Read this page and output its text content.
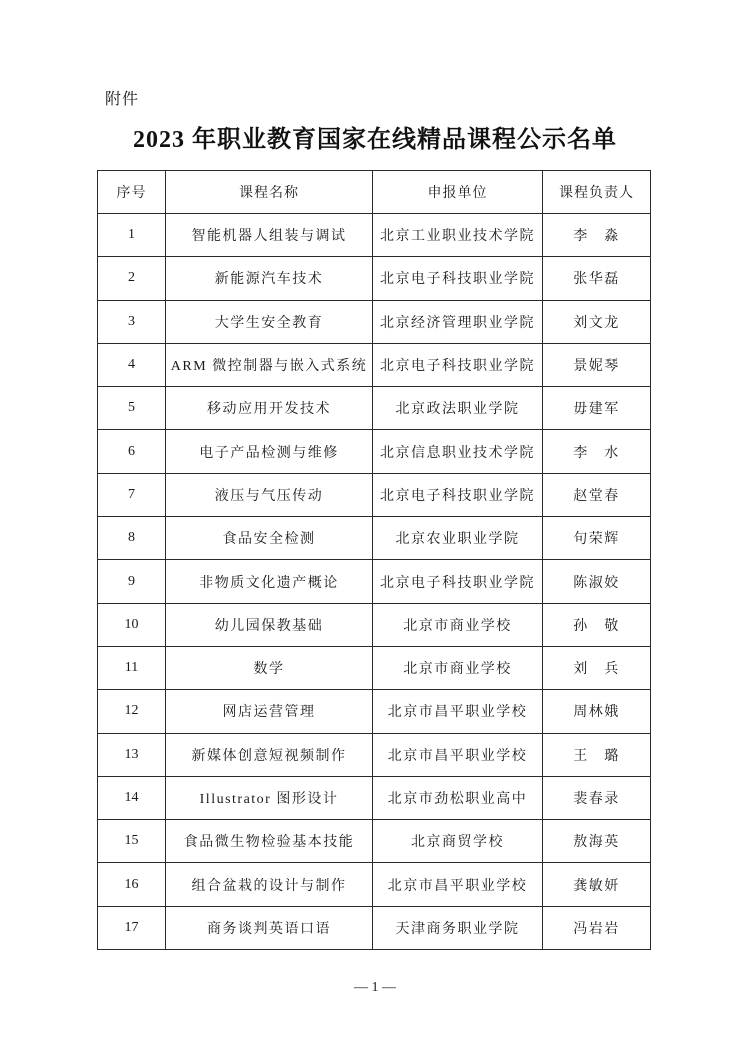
附件
2023 年职业教育国家在线精品课程公示名单
序号	课程名称	申报单位	课程负责人
1	智能机器人组装与调试	北京工业职业技术学院	李　淼
2	新能源汽车技术	北京电子科技职业学院	张华磊
3	大学生安全教育	北京经济管理职业学院	刘文龙
4	ARM 微控制器与嵌入式系统	北京电子科技职业学院	景妮琴
5	移动应用开发技术	北京政法职业学院	毋建军
6	电子产品检测与维修	北京信息职业技术学院	李　水
7	液压与气压传动	北京电子科技职业学院	赵堂春
8	食品安全检测	北京农业职业学院	句荣辉
9	非物质文化遗产概论	北京电子科技职业学院	陈淑姣
10	幼儿园保教基础	北京市商业学校	孙　敬
11	数学	北京市商业学校	刘　兵
12	网店运营管理	北京市昌平职业学校	周林娥
13	新媒体创意短视频制作	北京市昌平职业学校	王　璐
14	Illustrator 图形设计	北京市劲松职业高中	裴春录
15	食品微生物检验基本技能	北京商贸学校	敖海英
16	组合盆栽的设计与制作	北京市昌平职业学校	龚敏妍
17	商务谈判英语口语	天津商务职业学院	冯岩岩
— 1 —
